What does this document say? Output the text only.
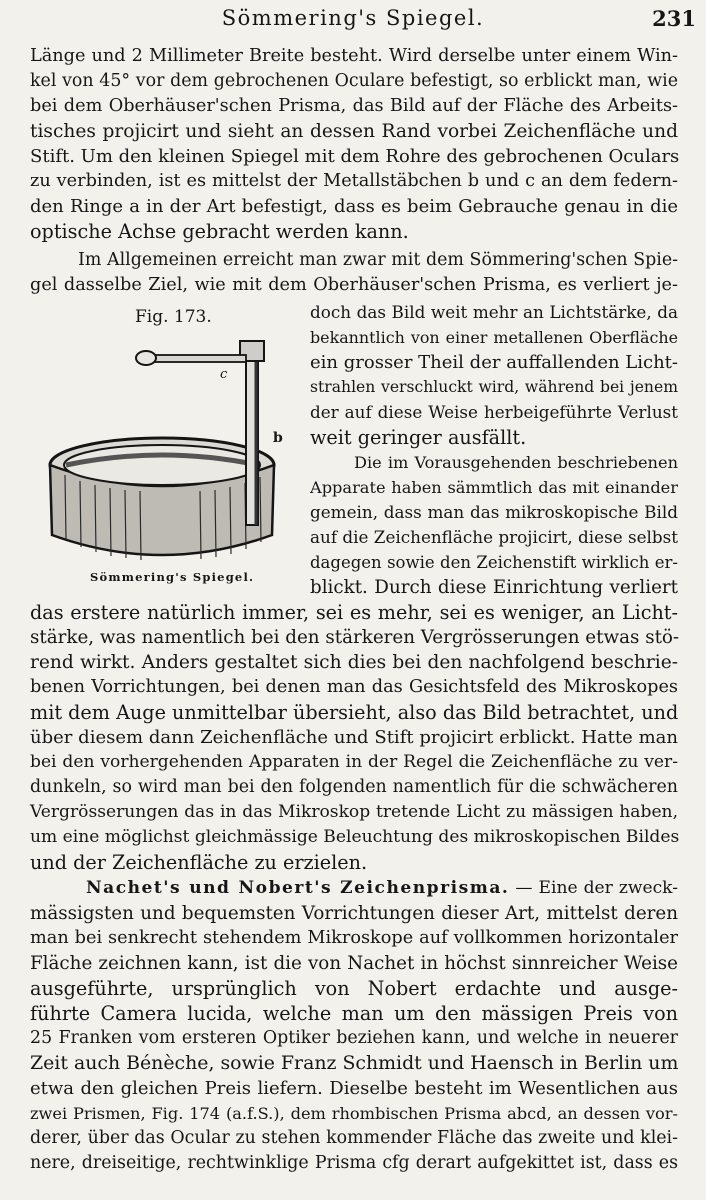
Sömmering's Spiegel.	231
Länge und 2 Millimeter Breite besteht. Wird derselbe unter einem Win-
kel von 45° vor dem gebrochenen Oculare befestigt, so erblickt man, wie
bei dem Oberhäuser'schen Prisma, das Bild auf der Fläche des Arbeits-
tisches projicirt und sieht an dessen Rand vorbei Zeichenfläche und
Stift. Um den kleinen Spiegel mit dem Rohre des gebrochenen Oculars
zu verbinden, ist es mittelst der Metallstäbchen b und c an dem federn-
den Ringe a in der Art befestigt, dass es beim Gebrauche genau in die
optische Achse gebracht werden kann.
Im Allgemeinen erreicht man zwar mit dem Sömmering'schen Spie-
gel dasselbe Ziel, wie mit dem Oberhäuser'schen Prisma, es verliert je-
Fig. 173.
c
b
Sömmering's Spiegel.
doch das Bild weit mehr an Lichtstärke, da
bekanntlich von einer metallenen Oberfläche
ein grosser Theil der auffallenden Licht-
strahlen verschluckt wird, während bei jenem
der auf diese Weise herbeigeführte Verlust
weit geringer ausfällt.
Die im Vorausgehenden beschriebenen
Apparate haben sämmtlich das mit einander
gemein, dass man das mikroskopische Bild
auf die Zeichenfläche projicirt, diese selbst
dagegen sowie den Zeichenstift wirklich er-
blickt. Durch diese Einrichtung verliert
das erstere natürlich immer, sei es mehr, sei es weniger, an Licht-
stärke, was namentlich bei den stärkeren Vergrösserungen etwas stö-
rend wirkt. Anders gestaltet sich dies bei den nachfolgend beschrie-
benen Vorrichtungen, bei denen man das Gesichtsfeld des Mikroskopes
mit dem Auge unmittelbar übersieht, also das Bild betrachtet, und
über diesem dann Zeichenfläche und Stift projicirt erblickt. Hatte man
bei den vorhergehenden Apparaten in der Regel die Zeichenfläche zu ver-
dunkeln, so wird man bei den folgenden namentlich für die schwächeren
Vergrösserungen das in das Mikroskop tretende Licht zu mässigen haben,
um eine möglichst gleichmässige Beleuchtung des mikroskopischen Bildes
und der Zeichenfläche zu erzielen.
Nachet's und Nobert's Zeichenprisma. — Eine der zweck-
mässigsten und bequemsten Vorrichtungen dieser Art, mittelst deren
man bei senkrecht stehendem Mikroskope auf vollkommen horizontaler
Fläche zeichnen kann, ist die von Nachet in höchst sinnreicher Weise
ausgeführte, ursprünglich von Nobert erdachte und ausge-
führte Camera lucida, welche man um den mässigen Preis von
25 Franken vom ersteren Optiker beziehen kann, und welche in neuerer
Zeit auch Bénèche, sowie Franz Schmidt und Haensch in Berlin um
etwa den gleichen Preis liefern. Dieselbe besteht im Wesentlichen aus
zwei Prismen, Fig. 174 (a.f.S.), dem rhombischen Prisma abcd, an dessen vor-
derer, über das Ocular zu stehen kommender Fläche das zweite und klei-
nere, dreiseitige, rechtwinklige Prisma cfg derart aufgekittet ist, dass es
